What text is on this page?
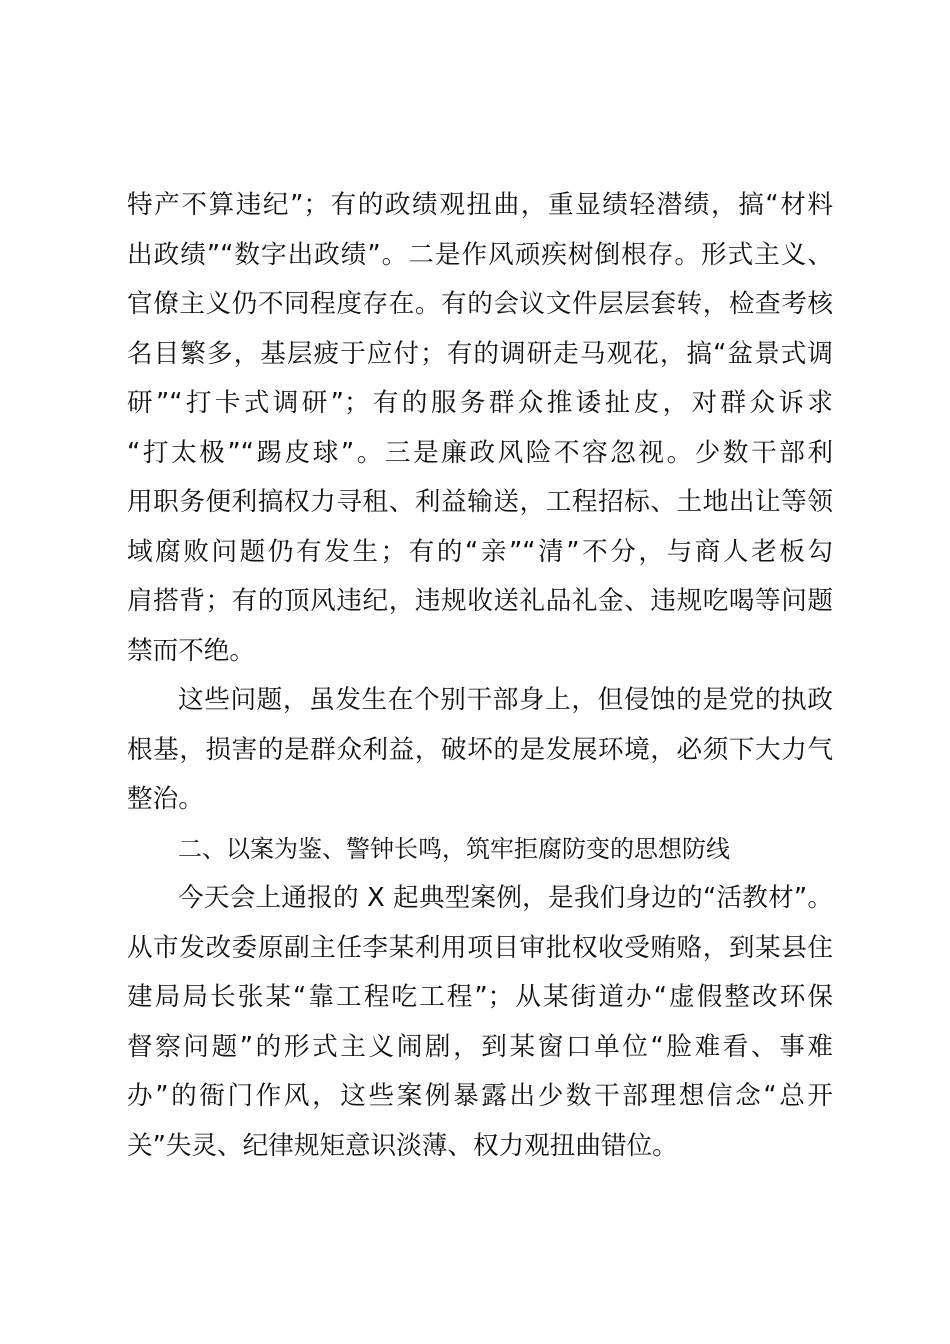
特产不算违纪”；有的政绩观扭曲，重显绩轻潜绩，搞“材料
出政绩”“数字出政绩”。二是作风顽疾树倒根存。形式主义、
官僚主义仍不同程度存在。有的会议文件层层套转，检查考核
名目繁多，基层疲于应付；有的调研走马观花，搞“盆景式调
研”“打卡式调研”；有的服务群众推诿扯皮，对群众诉求
“打太极”“踢皮球”。三是廉政风险不容忽视。少数干部利
用职务便利搞权力寻租、利益输送，工程招标、土地出让等领
域腐败问题仍有发生；有的“亲”“清”不分，与商人老板勾
肩搭背；有的顶风违纪，违规收送礼品礼金、违规吃喝等问题
禁而不绝。
这些问题，虽发生在个别干部身上，但侵蚀的是党的执政
根基，损害的是群众利益，破坏的是发展环境，必须下大力气
整治。
二、以案为鉴、警钟长鸣，筑牢拒腐防变的思想防线
今天会上通报的 X 起典型案例，是我们身边的“活教材”。
从市发改委原副主任李某利用项目审批权收受贿赂，到某县住
建局局长张某“靠工程吃工程”；从某街道办“虚假整改环保
督察问题”的形式主义闹剧，到某窗口单位“脸难看、事难
办”的衙门作风，这些案例暴露出少数干部理想信念“总开
关”失灵、纪律规矩意识淡薄、权力观扭曲错位。
